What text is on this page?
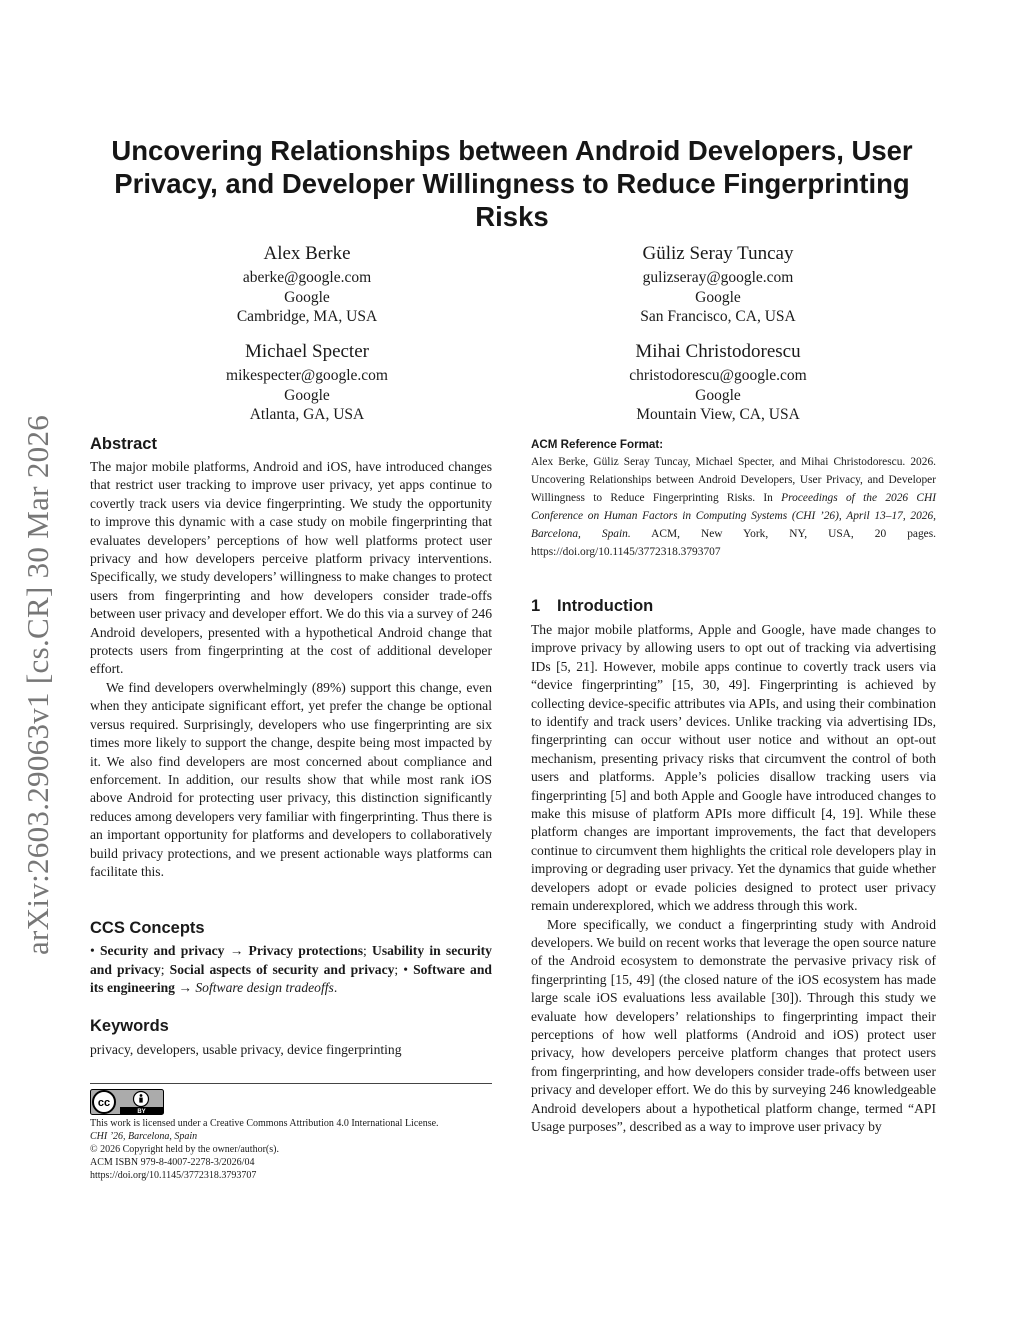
arXiv:2603.29063v1 [cs.CR] 30 Mar 2026
Uncovering Relationships between Android Developers, User
Privacy, and Developer Willingness to Reduce Fingerprinting
Risks
Alex Berke
aberke@google.com
Google
Cambridge, MA, USA
Güliz Seray Tuncay
gulizseray@google.com
Google
San Francisco, CA, USA
Michael Specter
mikespecter@google.com
Google
Atlanta, GA, USA
Mihai Christodorescu
christodorescu@google.com
Google
Mountain View, CA, USA
Abstract

The major mobile platforms, Android and iOS, have introduced changes that restrict user tracking to improve user privacy, yet apps continue to covertly track users via device fingerprinting. We study the opportunity to improve this dynamic with a case study on mobile fingerprinting that evaluates developers’ perceptions of how well platforms protect user privacy and how developers perceive platform privacy interventions. Specifically, we study developers’ willingness to make changes to protect users from fingerprinting and how developers consider trade-offs between user privacy and developer effort. We do this via a survey of 246 Android developers, presented with a hypothetical Android change that protects users from fingerprinting at the cost of additional developer effort.

We find developers overwhelmingly (89%) support this change, even when they anticipate significant effort, yet prefer the change be optional versus required. Surprisingly, developers who use fingerprinting are six times more likely to support the change, despite being most impacted by it. We also find developers are most concerned about compliance and enforcement. In addition, our results show that while most rank iOS above Android for protecting user privacy, this distinction significantly reduces among developers very familiar with fingerprinting. Thus there is an important opportunity for platforms and developers to collaboratively build privacy protections, and we present actionable ways platforms can facilitate this.

CCS Concepts
• Security and privacy → Privacy protections; Usability in security and privacy; Social aspects of security and privacy; • Software and its engineering → Software design tradeoffs.
Keywords
privacy, developers, usable privacy, device fingerprinting
cc
BY
This work is licensed under a Creative Commons Attribution 4.0 International License.
CHI ’26, Barcelona, Spain
© 2026 Copyright held by the owner/author(s).
ACM ISBN 979-8-4007-2278-3/2026/04
https://doi.org/10.1145/3772318.3793707
ACM Reference Format:
Alex Berke, Güliz Seray Tuncay, Michael Specter, and Mihai Christodorescu. 2026. Uncovering Relationships between Android Developers, User Privacy, and Developer Willingness to Reduce Fingerprinting Risks. In Proceedings of the 2026 CHI Conference on Human Factors in Computing Systems (CHI ’26), April 13–17, 2026, Barcelona, Spain. ACM, New York, NY, USA, 20 pages. https://doi.org/10.1145/3772318.3793707
1 Introduction

The major mobile platforms, Apple and Google, have made changes to improve privacy by allowing users to opt out of tracking via advertising IDs [5, 21]. However, mobile apps continue to covertly track users via “device fingerprinting” [15, 30, 49]. Fingerprinting is achieved by collecting device-specific attributes via APIs, and using their combination to identify and track users’ devices. Unlike tracking via advertising IDs, fingerprinting can occur without user notice and without an opt-out mechanism, presenting privacy risks that circumvent the control of both users and platforms. Apple’s policies disallow tracking users via fingerprinting [5] and both Apple and Google have introduced changes to make this misuse of platform APIs more difficult [4, 19]. While these platform changes are important improvements, the fact that developers continue to circumvent them highlights the critical role developers play in improving or degrading user privacy. Yet the dynamics that guide whether developers adopt or evade policies designed to protect user privacy remain underexplored, which we address through this work.

More specifically, we conduct a fingerprinting study with Android developers. We build on recent works that leverage the open source nature of the Android ecosystem to demonstrate the pervasive privacy risk of fingerprinting [15, 49] (the closed nature of the iOS ecosystem has made large scale iOS evaluations less available [30]). Through this study we evaluate how developers’ relationships to fingerprinting impact their perceptions of how well platforms (Android and iOS) protect user privacy, how developers perceive platform changes that protect users from fingerprinting, and how developers consider trade-offs between user privacy and developer effort. We do this by surveying 246 knowledgeable Android developers about a hypothetical platform change, termed “API Usage purposes”, described as a way to improve user privacy by
